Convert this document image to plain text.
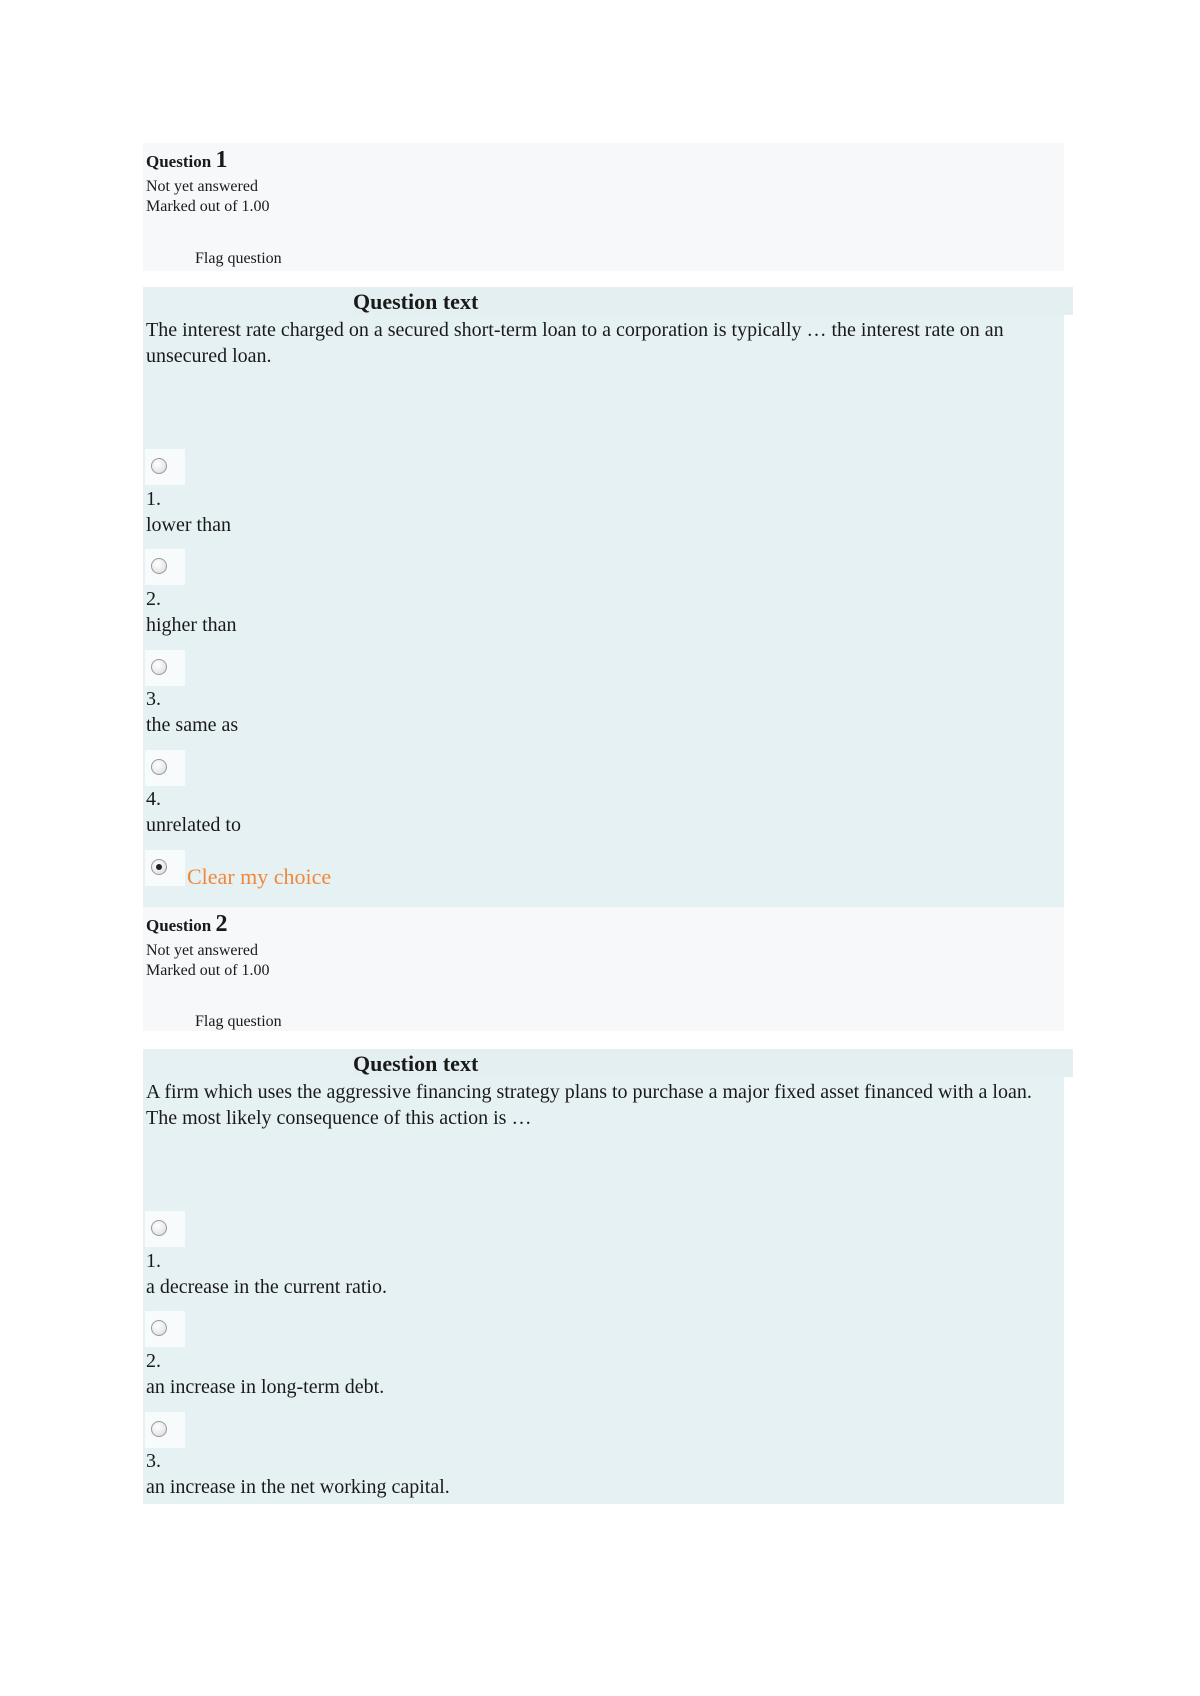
Question 1
Not yet answered
Marked out of 1.00
Flag question
Question text
The interest rate charged on a secured short-term loan to a corporation is typically … the interest rate on an unsecured loan.
1.
lower than
2.
higher than
3.
the same as
4.
unrelated to
Clear my choice
Question 2
Not yet answered
Marked out of 1.00
Flag question
Question text
A firm which uses the aggressive financing strategy plans to purchase a major fixed asset financed with a loan. The most likely consequence of this action is …
1.
a decrease in the current ratio.
2.
an increase in long-term debt.
3.
an increase in the net working capital.
